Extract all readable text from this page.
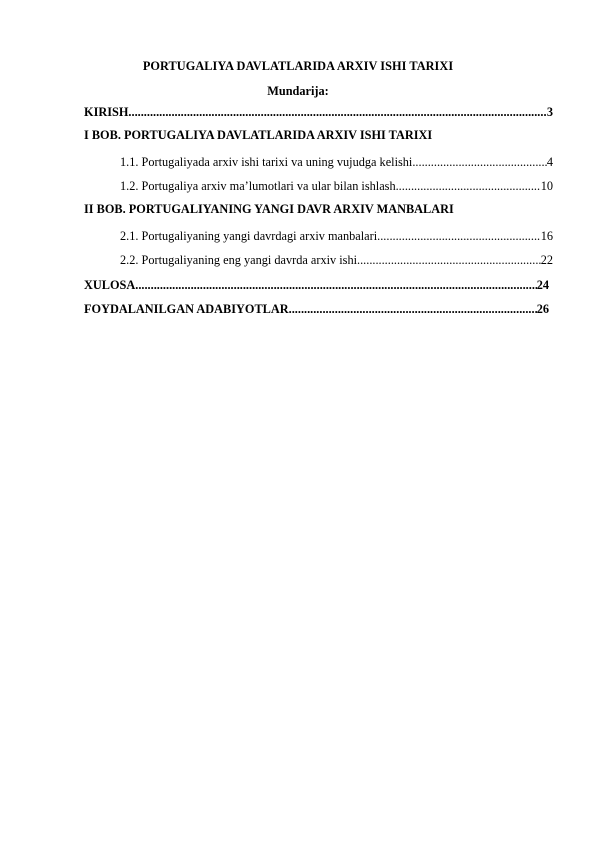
PORTUGALIYA DAVLATLARIDA ARXIV ISHI TARIXI
Mundarija:
KIRISH .....	3
I BOB. PORTUGALIYA DAVLATLARIDA ARXIV ISHI TARIXI
1.1. Portugaliyada arxiv ishi tarixi va uning vujudga kelishi .....	4
1.2. Portugaliya arxiv ma’lumotlari va ular bilan ishlash .....	10
II BOB. PORTUGALIYANING YANGI DAVR ARXIV MANBALARI
2.1. Portugaliyaning yangi davrdagi arxiv manbalari .....	16
2.2. Portugaliyaning eng yangi davrda arxiv ishi .....	22
XULOSA .....	24
FOYDALANILGAN ADABIYOTLAR .....	26
